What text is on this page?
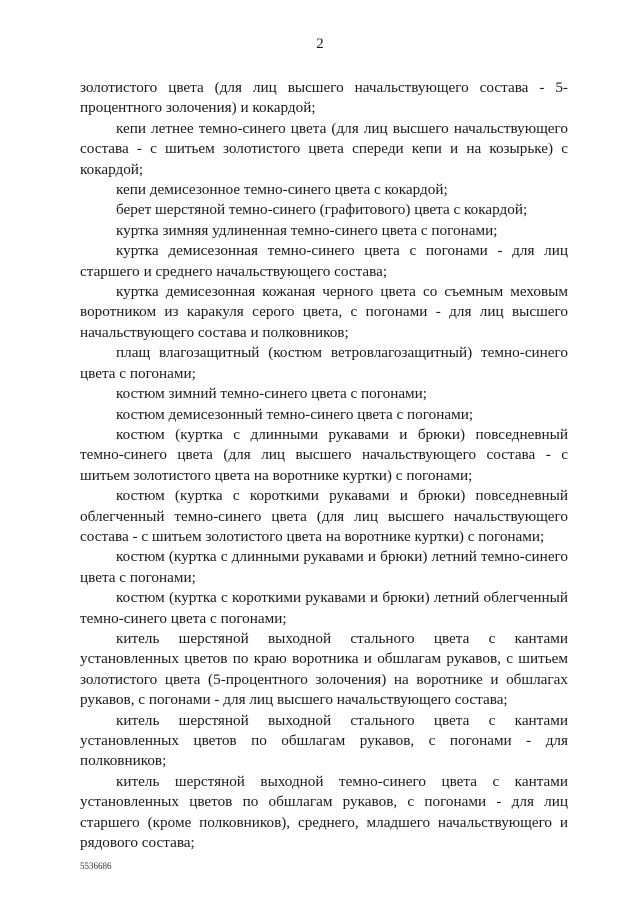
2

золотистого цвета (для лиц высшего начальствующего состава - 5-процентного золочения) и кокардой;

кепи летнее темно-синего цвета (для лиц высшего начальствующего состава - с шитьем золотистого цвета спереди кепи и на козырьке) с кокардой;

кепи демисезонное темно-синего цвета с кокардой;

берет шерстяной темно-синего (графитового) цвета с кокардой;

куртка зимняя удлиненная темно-синего цвета с погонами;

куртка демисезонная темно-синего цвета с погонами - для лиц старшего и среднего начальствующего состава;

куртка демисезонная кожаная черного цвета со съемным меховым воротником из каракуля серого цвета, с погонами - для лиц высшего начальствующего состава и полковников;

плащ влагозащитный (костюм ветровлагозащитный) темно-синего цвета с погонами;

костюм зимний темно-синего цвета с погонами;

костюм демисезонный темно-синего цвета с погонами;

костюм (куртка с длинными рукавами и брюки) повседневный темно-синего цвета (для лиц высшего начальствующего состава - с шитьем золотистого цвета на воротнике куртки) с погонами;

костюм (куртка с короткими рукавами и брюки) повседневный облегченный темно-синего цвета (для лиц высшего начальствующего состава - с шитьем золотистого цвета на воротнике куртки) с погонами;

костюм (куртка с длинными рукавами и брюки) летний темно-синего цвета с погонами;

костюм (куртка с короткими рукавами и брюки) летний облегченный темно-синего цвета с погонами;

китель шерстяной выходной стального цвета с кантами установленных цветов по краю воротника и обшлагам рукавов, с шитьем золотистого цвета (5-процентного золочения) на воротнике и обшлагах рукавов, с погонами - для лиц высшего начальствующего состава;

китель шерстяной выходной стального цвета с кантами установленных цветов по обшлагам рукавов, с погонами - для полковников;

китель шерстяной выходной темно-синего цвета с кантами установленных цветов по обшлагам рукавов, с погонами - для лиц старшего (кроме полковников), среднего, младшего начальствующего и рядового состава;

5536686
